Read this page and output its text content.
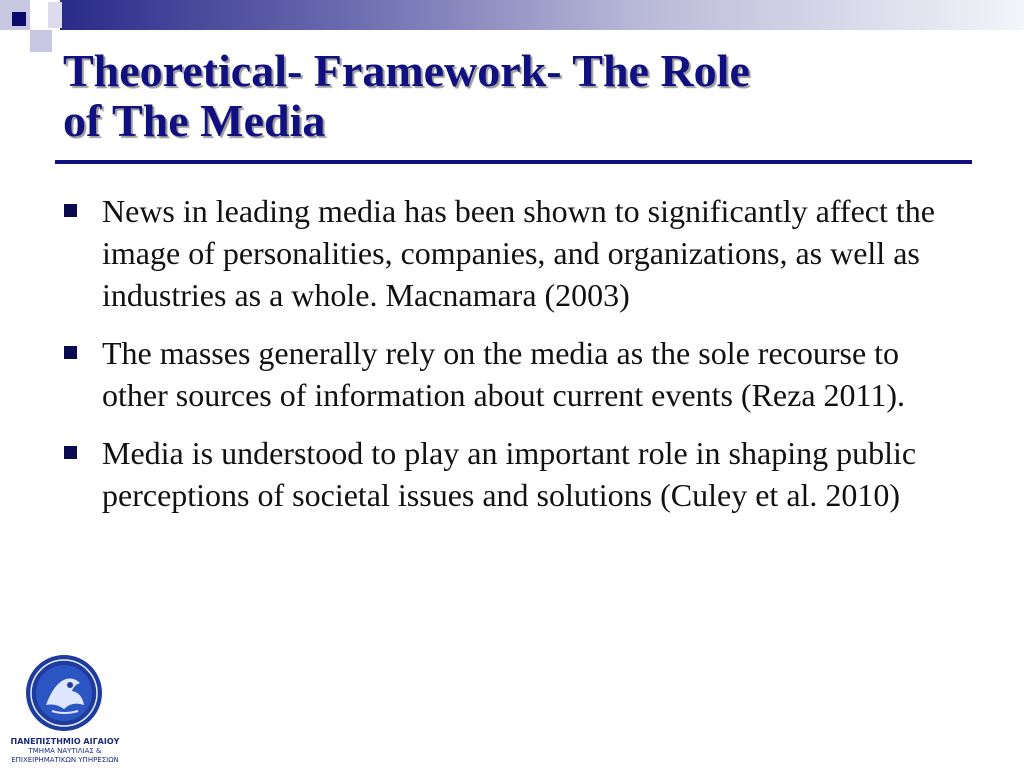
Theoretical- Framework- The Role
of The Media
News in leading media has been shown to significantly affect the image of personalities, companies, and organizations, as well as industries as a whole. Macnamara (2003)
The masses generally rely on the media as the sole recourse to other sources of information about current events (Reza 2011).
Media is understood to play an important role in shaping public perceptions of societal issues and solutions (Culey et al. 2010)
ΠΑΝΕΠΙΣΤΗΜΙΟ ΑΙΓΑΙΟΥ
ΤΜΗΜΑ ΝΑΥΤΙΛΙΑΣ &
ΕΠΙΧΕΙΡΗΜΑΤΙΚΩΝ ΥΠΗΡΕΣΙΩΝ
